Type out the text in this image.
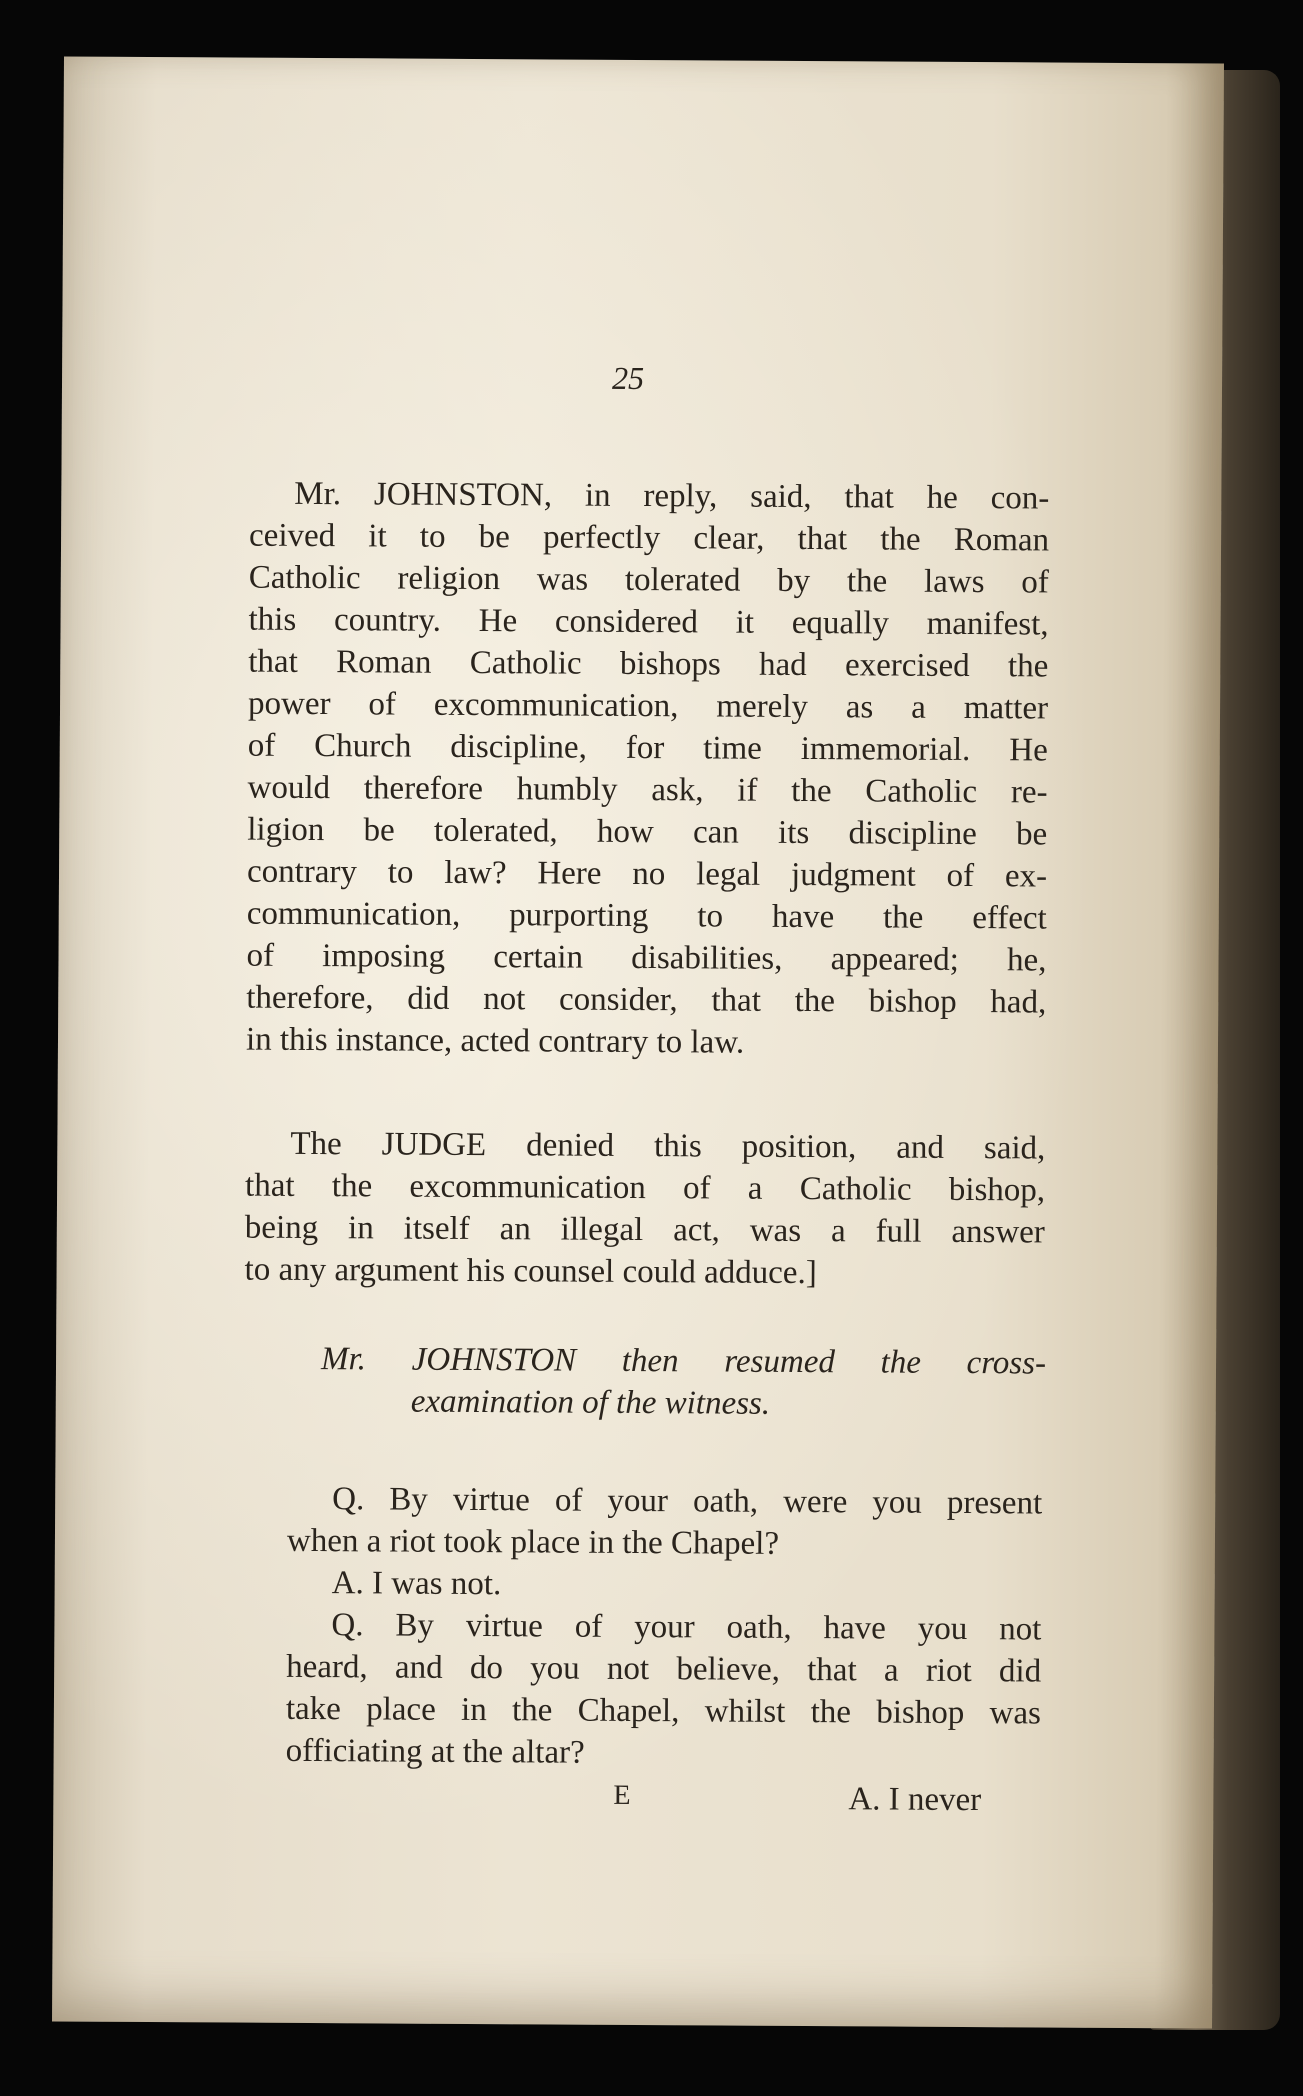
25
Mr. JOHNSTON, in reply, said, that he con-
ceived it to be perfectly clear, that the Roman
Catholic religion was tolerated by the laws of
this country. He considered it equally manifest,
that Roman Catholic bishops had exercised the
power of excommunication, merely as a matter
of Church discipline, for time immemorial. He
would therefore humbly ask, if the Catholic re-
ligion be tolerated, how can its discipline be
contrary to law? Here no legal judgment of ex-
communication, purporting to have the effect
of imposing certain disabilities, appeared; he,
therefore, did not consider, that the bishop had,
in this instance, acted contrary to law.
The JUDGE denied this position, and said,
that the excommunication of a Catholic bishop,
being in itself an illegal act, was a full answer
to any argument his counsel could adduce.]
Mr. JOHNSTON then resumed the cross-
examination of the witness.
Q. By virtue of your oath, were you present
when a riot took place in the Chapel?
A. I was not.
Q. By virtue of your oath, have you not
heard, and do you not believe, that a riot did
take place in the Chapel, whilst the bishop was
officiating at the altar?
E	A. I never
